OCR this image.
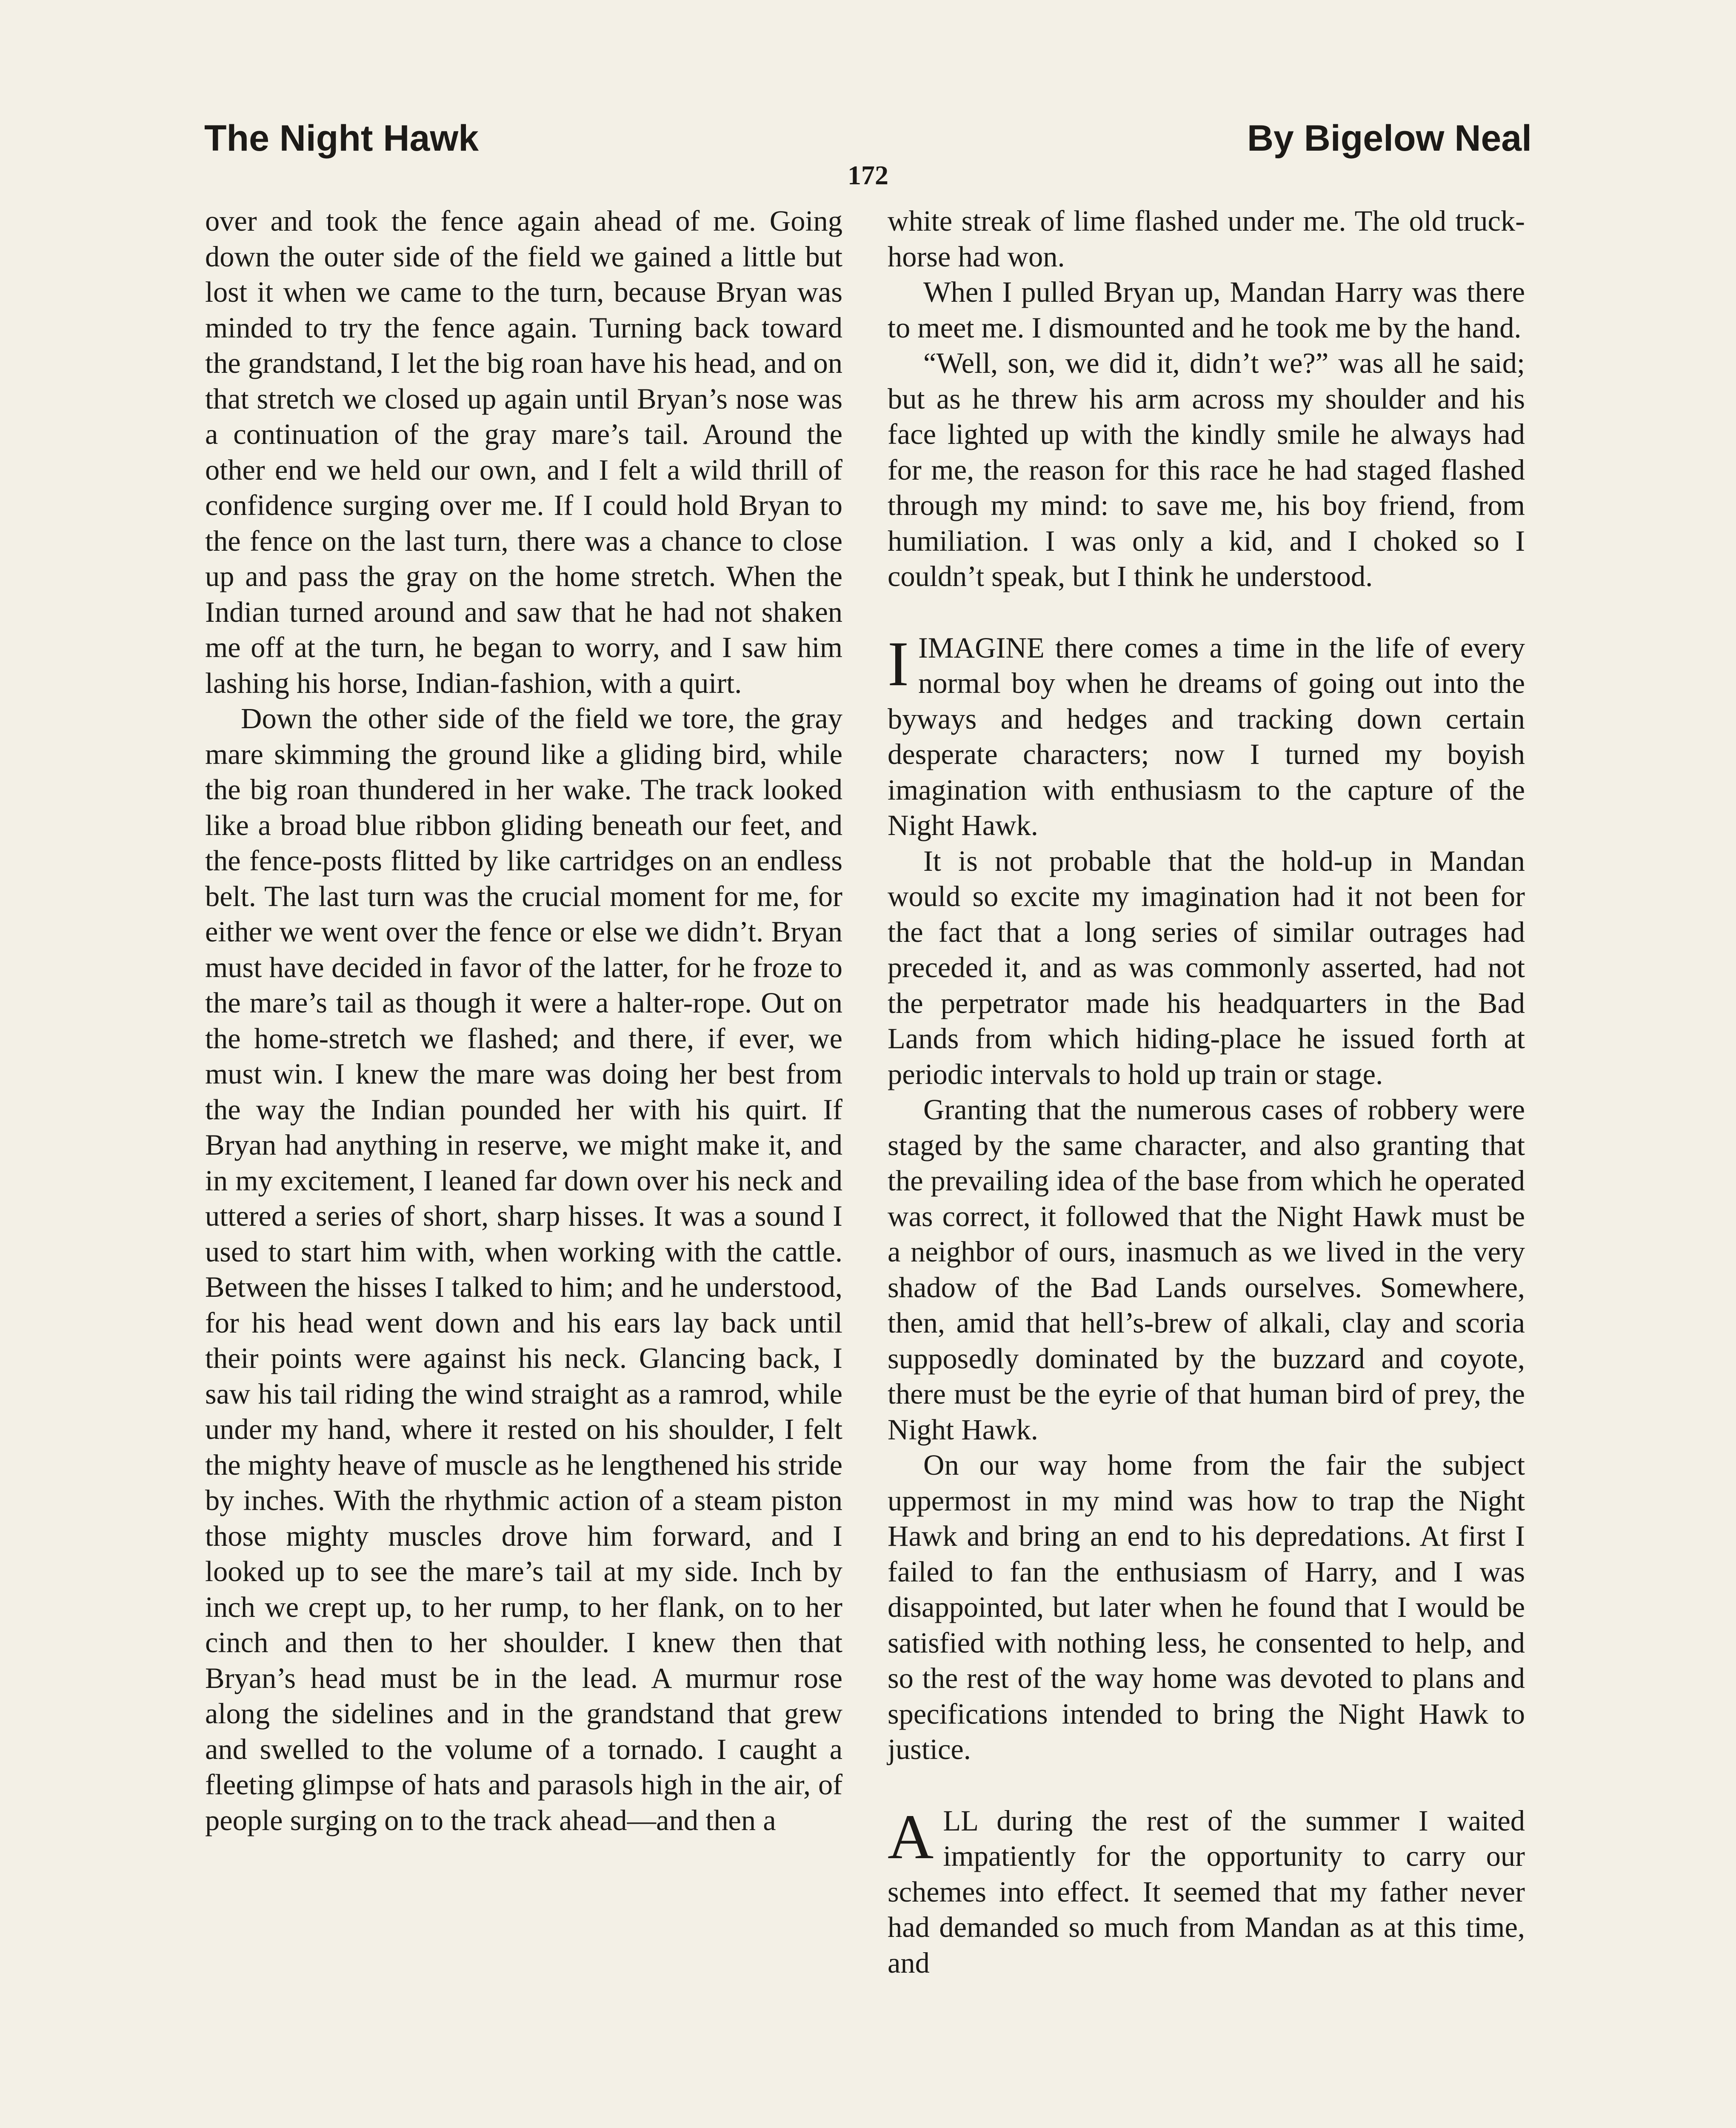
The Night Hawk	By Bigelow Neal
172

over and took the fence again ahead of me. Going down the outer side of the field we gained a little but lost it when we came to the turn, because Bryan was minded to try the fence again. Turning back toward the grandstand, I let the big roan have his head, and on that stretch we closed up again until Bryan’s nose was a continuation of the gray mare’s tail. Around the other end we held our own, and I felt a wild thrill of confidence surging over me. If I could hold Bryan to the fence on the last turn, there was a chance to close up and pass the gray on the home stretch. When the Indian turned around and saw that he had not shaken me off at the turn, he began to worry, and I saw him lashing his horse, Indian-fashion, with a quirt.

Down the other side of the field we tore, the gray mare skimming the ground like a gliding bird, while the big roan thundered in her wake. The track looked like a broad blue ribbon gliding beneath our feet, and the fence-posts flitted by like cartridges on an endless belt. The last turn was the crucial moment for me, for either we went over the fence or else we didn’t. Bryan must have decided in favor of the latter, for he froze to the mare’s tail as though it were a halter-rope. Out on the home-stretch we flashed; and there, if ever, we must win. I knew the mare was doing her best from the way the Indian pounded her with his quirt. If Bryan had anything in reserve, we might make it, and in my excitement, I leaned far down over his neck and uttered a series of short, sharp hisses. It was a sound I used to start him with, when working with the cattle. Between the hisses I talked to him; and he understood, for his head went down and his ears lay back until their points were against his neck. Glancing back, I saw his tail riding the wind straight as a ramrod, while under my hand, where it rested on his shoulder, I felt the mighty heave of muscle as he lengthened his stride by inches. With the rhythmic action of a steam piston those mighty muscles drove him forward, and I looked up to see the mare’s tail at my side. Inch by inch we crept up, to her rump, to her flank, on to her cinch and then to her shoulder. I knew then that Bryan’s head must be in the lead. A murmur rose along the sidelines and in the grandstand that grew and swelled to the volume of a tornado. I caught a fleeting glimpse of hats and parasols high in the air, of people surging on to the track ahead—and then a

white streak of lime flashed under me. The old truck-horse had won.

When I pulled Bryan up, Mandan Harry was there to meet me. I dismounted and he took me by the hand.

“Well, son, we did it, didn’t we?” was all he said; but as he threw his arm across my shoulder and his face lighted up with the kindly smile he always had for me, the reason for this race he had staged flashed through my mind: to save me, his boy friend, from humiliation. I was only a kid, and I choked so I couldn’t speak, but I think he understood.

IIMAGINE there comes a time in the life of every normal boy when he dreams of going out into the byways and hedges and tracking down certain desperate characters; now I turned my boyish imagination with enthusiasm to the capture of the Night Hawk.

It is not probable that the hold-up in Mandan would so excite my imagination had it not been for the fact that a long series of similar outrages had preceded it, and as was commonly asserted, had not the perpetrator made his headquarters in the Bad Lands from which hiding-place he issued forth at periodic intervals to hold up train or stage.

Granting that the numerous cases of robbery were staged by the same character, and also granting that the prevailing idea of the base from which he operated was correct, it followed that the Night Hawk must be a neighbor of ours, inasmuch as we lived in the very shadow of the Bad Lands ourselves. Somewhere, then, amid that hell’s-brew of alkali, clay and scoria supposedly dominated by the buzzard and coyote, there must be the eyrie of that human bird of prey, the Night Hawk.

On our way home from the fair the subject uppermost in my mind was how to trap the Night Hawk and bring an end to his depredations. At first I failed to fan the enthusiasm of Harry, and I was disappointed, but later when he found that I would be satisfied with nothing less, he consented to help, and so the rest of the way home was devoted to plans and specifications intended to bring the Night Hawk to justice.

ALL during the rest of the summer I waited impatiently for the opportunity to carry our schemes into effect. It seemed that my father never had demanded so much from Mandan as at this time, and
